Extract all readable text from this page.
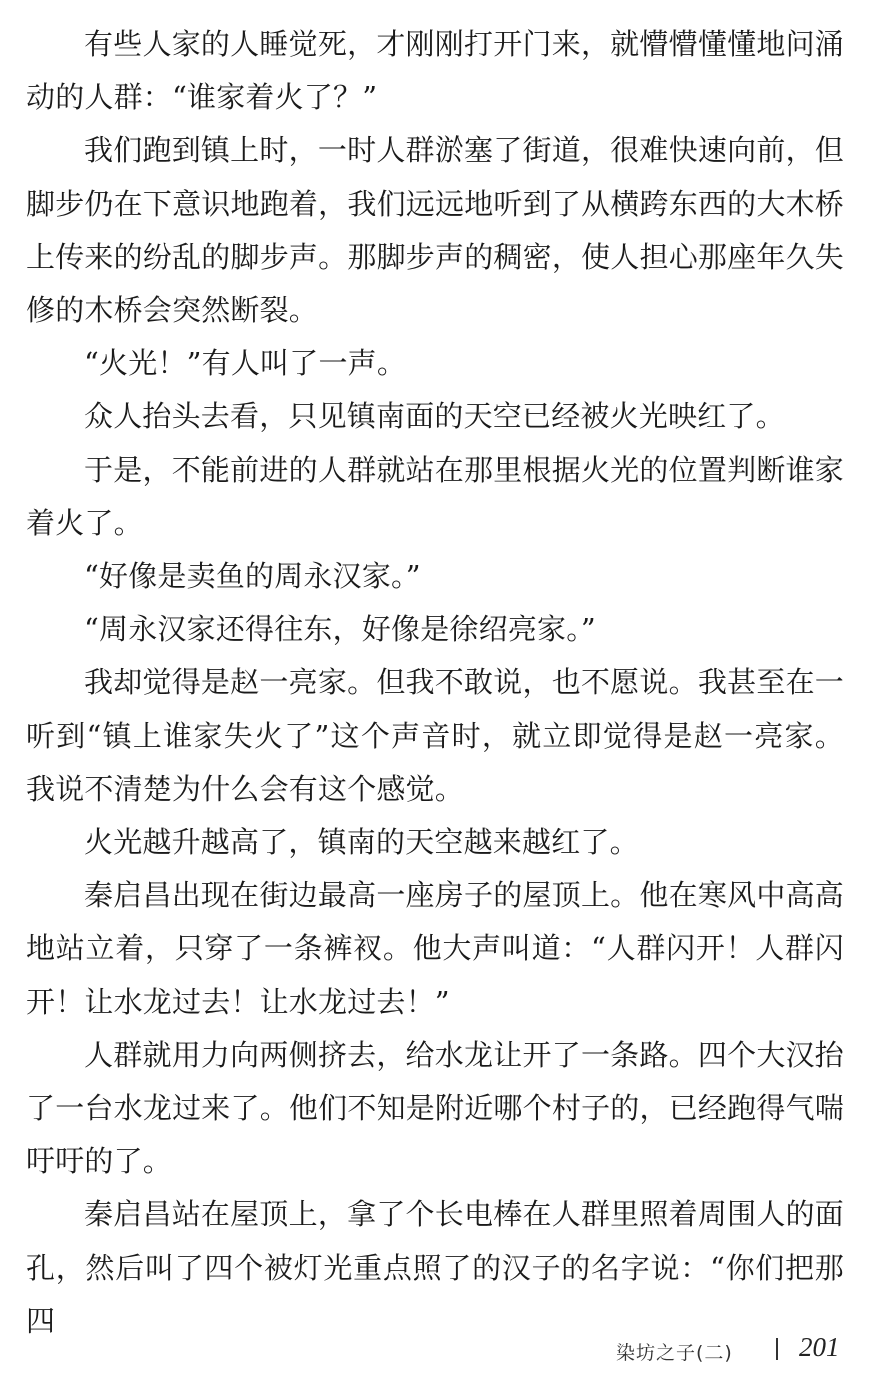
有些人家的人睡觉死，才刚刚打开门来，就懵懵懂懂地问涌动的人群：“谁家着火了？”

我们跑到镇上时，一时人群淤塞了街道，很难快速向前，但脚步仍在下意识地跑着，我们远远地听到了从横跨东西的大木桥上传来的纷乱的脚步声。那脚步声的稠密，使人担心那座年久失修的木桥会突然断裂。

“火光！”有人叫了一声。

众人抬头去看，只见镇南面的天空已经被火光映红了。

于是，不能前进的人群就站在那里根据火光的位置判断谁家着火了。

“好像是卖鱼的周永汉家。”

“周永汉家还得往东，好像是徐绍亮家。”

我却觉得是赵一亮家。但我不敢说，也不愿说。我甚至在一听到“镇上谁家失火了”这个声音时，就立即觉得是赵一亮家。我说不清楚为什么会有这个感觉。

火光越升越高了，镇南的天空越来越红了。

秦启昌出现在街边最高一座房子的屋顶上。他在寒风中高高地站立着，只穿了一条裤衩。他大声叫道：“人群闪开！人群闪开！让水龙过去！让水龙过去！”

人群就用力向两侧挤去，给水龙让开了一条路。四个大汉抬了一台水龙过来了。他们不知是附近哪个村子的，已经跑得气喘吁吁的了。

秦启昌站在屋顶上，拿了个长电棒在人群里照着周围人的面孔，然后叫了四个被灯光重点照了的汉子的名字说：“你们把那四

染坊之子(二) 201
